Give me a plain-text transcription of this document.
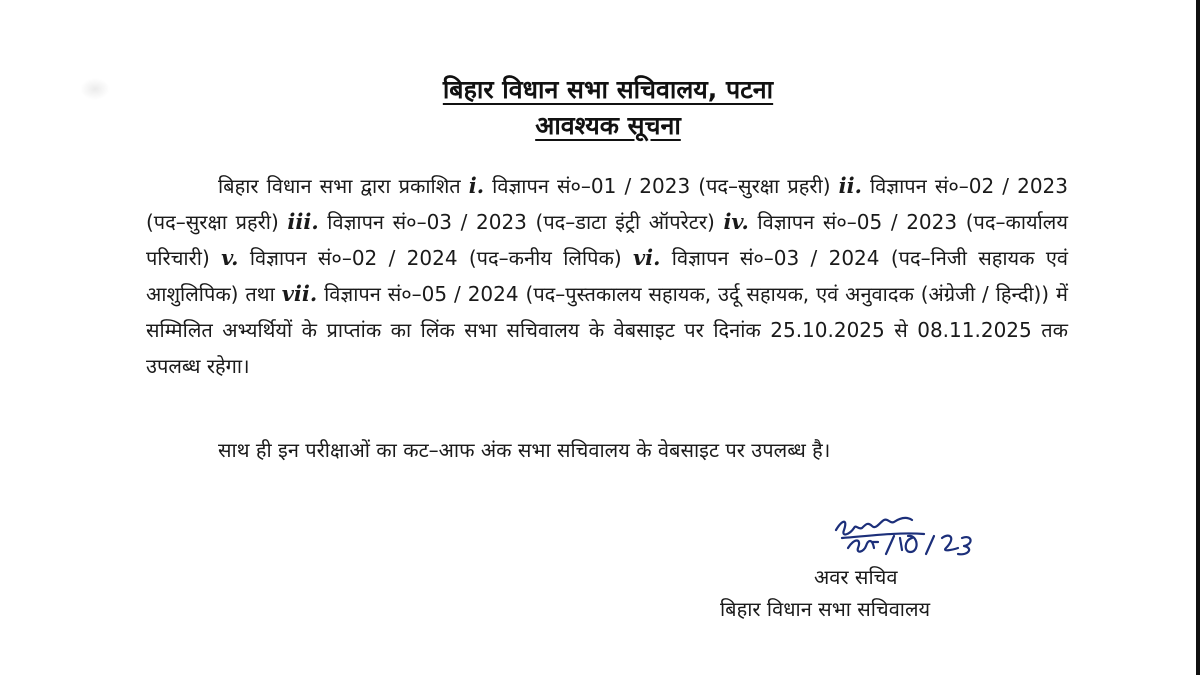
बिहार विधान सभा सचिवालय, पटना
आवश्यक सूचना
बिहार विधान सभा द्वारा प्रकाशित i. विज्ञापन सं०–01 / 2023 (पद–सुरक्षा प्रहरी) ii. विज्ञापन सं०–02 / 2023 (पद–सुरक्षा प्रहरी) iii. विज्ञापन सं०–03 / 2023 (पद–डाटा इंट्री ऑपरेटर) iv. विज्ञापन सं०–05 / 2023 (पद–कार्यालय परिचारी) v. विज्ञापन सं०–02 / 2024 (पद–कनीय लिपिक) vi. विज्ञापन सं०–03 / 2024 (पद–निजी सहायक एवं आशुलिपिक) तथा vii. विज्ञापन सं०–05 / 2024 (पद–पुस्तकालय सहायक, उर्दू सहायक, एवं अनुवादक (अंग्रेजी / हिन्दी)) में सम्मिलित अभ्यर्थियों के प्राप्तांक का लिंक सभा सचिवालय के वेबसाइट पर दिनांक 25.10.2025 से 08.11.2025 तक उपलब्ध रहेगा।
साथ ही इन परीक्षाओं का कट–आफ अंक सभा सचिवालय के वेबसाइट पर उपलब्ध है।
अवर सचिव
बिहार विधान सभा सचिवालय
